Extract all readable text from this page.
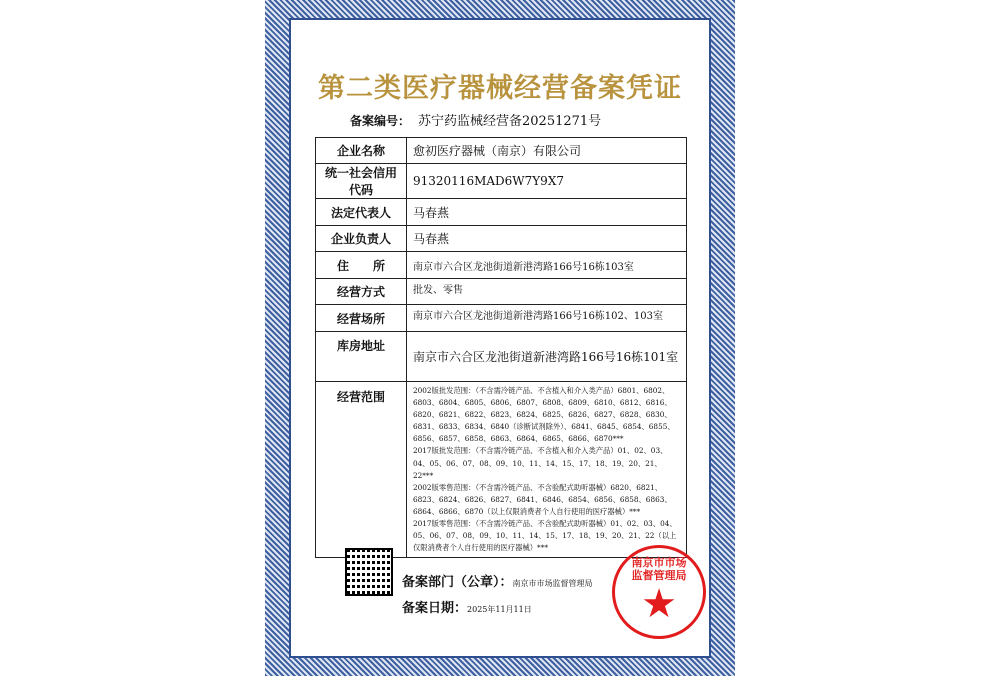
第二类医疗器械经营备案凭证
备案编号： 苏宁药监械经营备20251271号
企业名称	愈初医疗器械（南京）有限公司
统一社会信用代码	91320116MAD6W7Y9X7
法定代表人	马春燕
企业负责人	马春燕
住　　所	南京市六合区龙池街道新港湾路166号16栋103室
经营方式	批发、零售
经营场所	南京市六合区龙池街道新港湾路166号16栋102、103室
库房地址	南京市六合区龙池街道新港湾路166号16栋101室
经营范围	2002版批发范围：（不含需冷链产品、不含植入和介入类产品）6801、6802、6803、6804、6805、6806、6807、6808、6809、6810、6812、6816、6820、6821、6822、6823、6824、6825、6826、6827、6828、6830、6831、6833、6834、6840（诊断试剂除外）、6841、6845、6854、6855、6856、6857、6858、6863、6864、6865、6866、6870***
2017版批发范围：（不含需冷链产品、不含植入和介入类产品）01、02、03、04、05、06、07、08、09、10、11、14、15、17、18、19、20、21、22***
2002版零售范围：（不含需冷链产品、不含验配式助听器械）6820、6821、6823、6824、6826、6827、6841、6846、6854、6856、6858、6863、6864、6866、6870（以上仅限消费者个人自行使用的医疗器械）***
2017版零售范围：（不含需冷链产品、不含验配式助听器械）01、02、03、04、05、06、07、08、09、10、11、14、15、17、18、19、20、21、22（以上仅限消费者个人自行使用的医疗器械）***
备案部门（公章）：南京市市场监督管理局
备案日期：2025年11月11日
南京市市场监督管理局
★
